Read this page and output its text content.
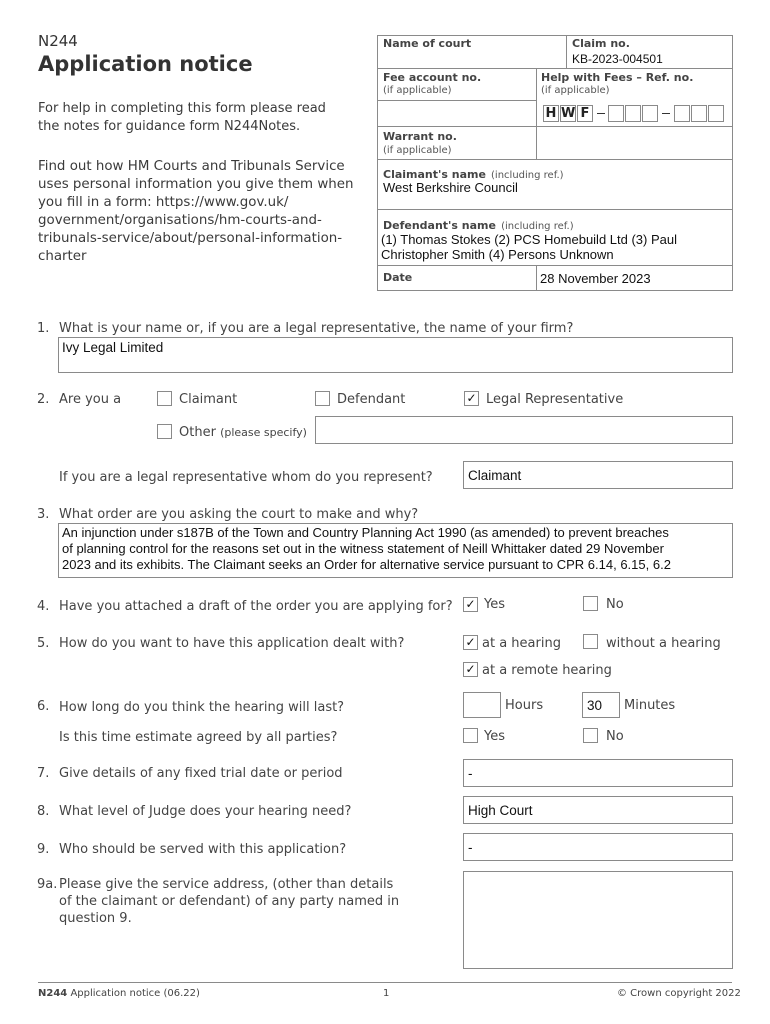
N244
Application notice
For help in completing this form please read the notes for guidance form N244Notes.
Find out how HM Courts and Tribunals Service uses personal information you give them when you fill in a form: https://www.gov.uk/ government/organisations/hm-courts-and- tribunals-service/about/personal-information- charter
Name of court	Claim no.
KB-2023-004501
Fee account no.
(if applicable)
Help with Fees – Ref. no.
(if applicable)
H W F
Warrant no.
(if applicable)
Claimant's name (including ref.)
West Berkshire Council
Defendant's name (including ref.)
(1) Thomas Stokes (2) PCS Homebuild Ltd (3) Paul
Christopher Smith (4) Persons Unknown
Date	28 November 2023
1. What is your name or, if you are a legal representative, the name of your firm?
Ivy Legal Limited
2. Are you a	Claimant	Defendant	✓ Legal Representative
Other (please specify)
If you are a legal representative whom do you represent?	Claimant
3. What order are you asking the court to make and why?
An injunction under s187B of the Town and Country Planning Act 1990 (as amended) to prevent breaches
of planning control for the reasons set out in the witness statement of Neill Whittaker dated 29 November
2023 and its exhibits. The Claimant seeks an Order for alternative service pursuant to CPR 6.14, 6.15, 6.2
4. Have you attached a draft of the order you are applying for? ✓ Yes	No
5. How do you want to have this application dealt with?	✓ at a hearing	without a hearing
✓ at a remote hearing
6. How long do you think the hearing will last?	Hours	30 Minutes
Is this time estimate agreed by all parties?	Yes	No
7. Give details of any fixed trial date or period	-
8. What level of Judge does your hearing need?	High Court
9. Who should be served with this application?	-
9a. Please give the service address, (other than details
of the claimant or defendant) of any party named in
question 9.
N244 Application notice (06.22)	1	© Crown copyright 2022
